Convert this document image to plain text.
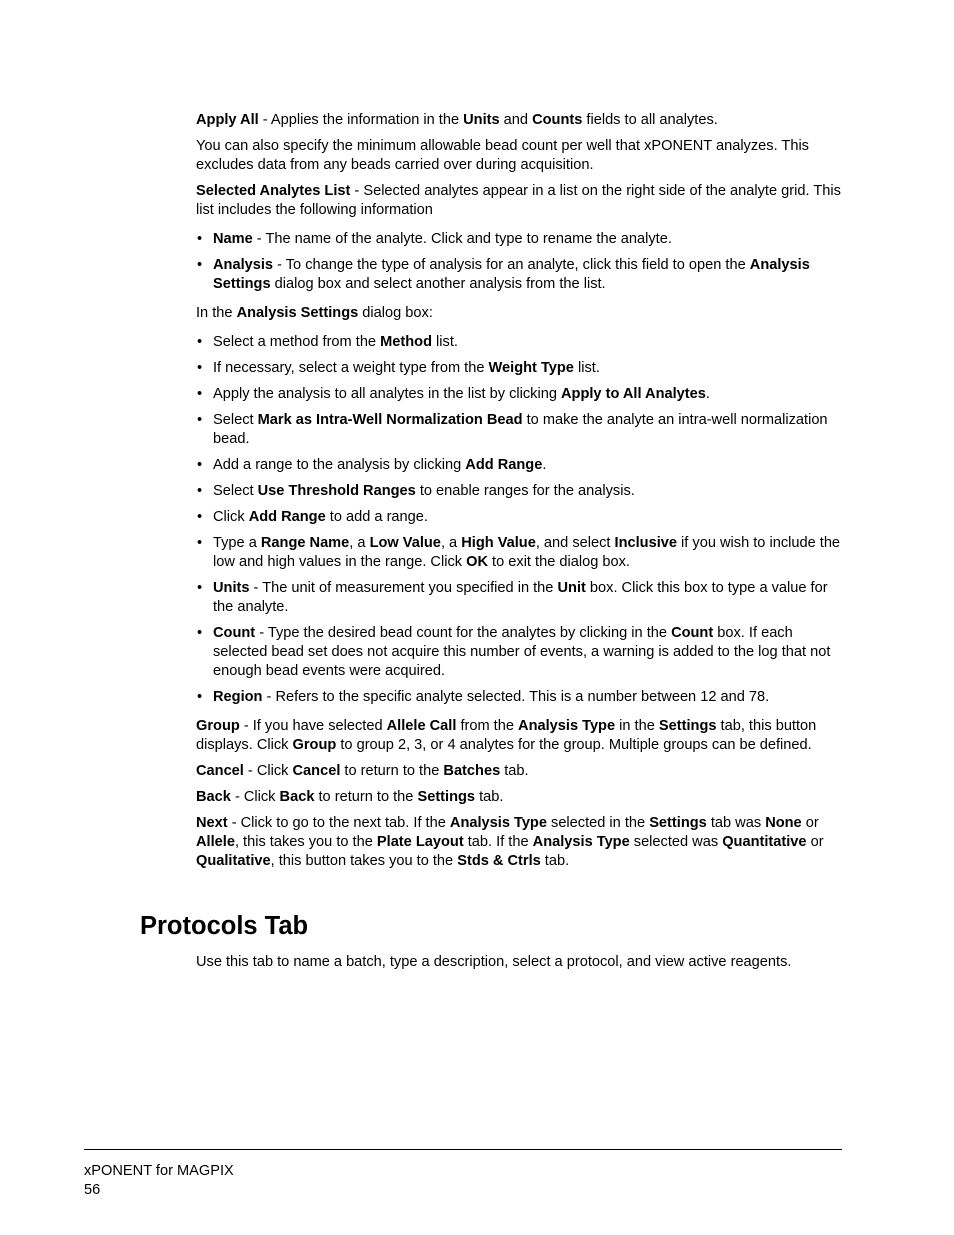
Apply All - Applies the information in the Units and Counts fields to all analytes.

You can also specify the minimum allowable bead count per well that xPONENT analyzes. This excludes data from any beads carried over during acquisition.

Selected Analytes List - Selected analytes appear in a list on the right side of the analyte grid. This list includes the following information

• Name - The name of the analyte. Click and type to rename the analyte.
• Analysis - To change the type of analysis for an analyte, click this field to open the Analysis Settings dialog box and select another analysis from the list.

In the Analysis Settings dialog box:

• Select a method from the Method list.
• If necessary, select a weight type from the Weight Type list.
• Apply the analysis to all analytes in the list by clicking Apply to All Analytes.
• Select Mark as Intra-Well Normalization Bead to make the analyte an intra-well normalization bead.
• Add a range to the analysis by clicking Add Range.
• Select Use Threshold Ranges to enable ranges for the analysis.
• Click Add Range to add a range.
• Type a Range Name, a Low Value, a High Value, and select Inclusive if you wish to include the low and high values in the range. Click OK to exit the dialog box.
• Units - The unit of measurement you specified in the Unit box. Click this box to type a value for the analyte.
• Count - Type the desired bead count for the analytes by clicking in the Count box. If each selected bead set does not acquire this number of events, a warning is added to the log that not enough bead events were acquired.
• Region - Refers to the specific analyte selected. This is a number between 12 and 78.

Group - If you have selected Allele Call from the Analysis Type in the Settings tab, this button displays. Click Group to group 2, 3, or 4 analytes for the group. Multiple groups can be defined.

Cancel - Click Cancel to return to the Batches tab.

Back - Click Back to return to the Settings tab.

Next - Click to go to the next tab. If the Analysis Type selected in the Settings tab was None or Allele, this takes you to the Plate Layout tab. If the Analysis Type selected was Quantitative or Qualitative, this button takes you to the Stds & Ctrls tab.

Protocols Tab

Use this tab to name a batch, type a description, select a protocol, and view active reagents.

xPONENT for MAGPIX
56
